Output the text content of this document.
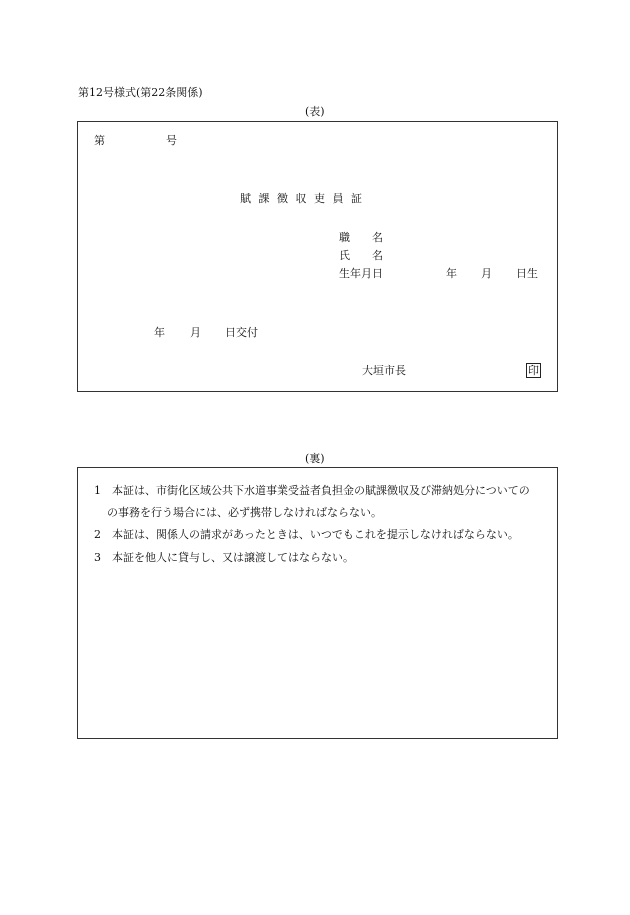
第12号様式(第22条関係)
(表)
第	号
賦 課 徴 収 吏 員 証
職　　名
氏　　名
生年月日	年 月 日生
年 月 日交付
大垣市長	印
(裏)
1　本証は、市街化区域公共下水道事業受益者負担金の賦課徴収及び滞納処分についての
の事務を行う場合には、必ず携帯しなければならない。
2　本証は、関係人の請求があったときは、いつでもこれを提示しなければならない。
3　本証を他人に貸与し、又は譲渡してはならない。
